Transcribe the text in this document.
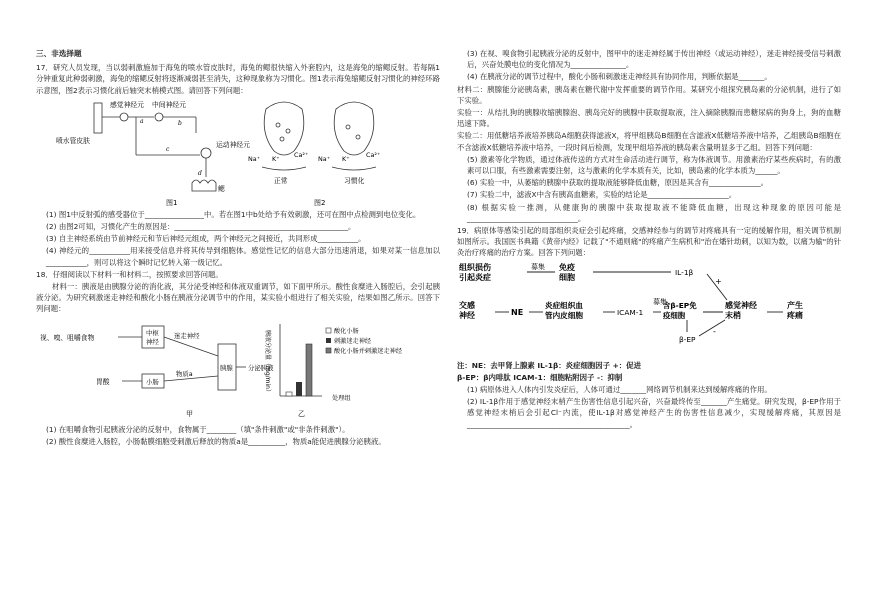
三、非选择题

17．研究人员发现，当以弱刺激施加于海兔的喷水管皮肤时，海兔的鳃很快缩入外套腔内，这是海兔的缩鳃反射。若每隔1分钟重复此种弱刺激，海兔的缩鳃反射将逐渐减弱甚至消失，这种现象称为习惯化。图1表示海兔缩鳃反射习惯化的神经环路示意图，图2表示习惯化前后轴突末梢模式图。请回答下列问题：

喷水管皮肤
感觉神经元 中间神经元
运动神经元
鳃
a	b
c
d
图1
Na⁺ K⁺ Ca²⁺ Na⁺ K⁺	Ca²⁺
正常	习惯化
图2

(1) 图1中反射弧的感受器位于________________中。若在图1中b处给予有效刺激，还可在图中点检测到电位变化。

(2) 由图2可知，习惯化产生的原因是：_______________________________________________。

(3) 自主神经系统由节前神经元和节后神经元组成，两个神经元之间接近，共同形成___________。

(4) 神经元的___________用来接受信息并将其传导到细胞体。感觉性记忆的信息大部分迅速消退，如果对某一信息加以___________，则可以将这个瞬时记忆转入第一级记忆。

18．仔细阅读以下材料一和材料二，按照要求回答问题。

材料一：胰液是由胰腺分泌的消化液，其分泌受神经和体液双重调节，如下面甲所示。酸性食糜进入肠腔后，会引起胰液分泌。为研究刺激迷走神经和酸化小肠在胰液分泌调节中的作用，某实验小组进行了相关实验，结果如图乙所示。回答下列问题：

视、嗅、咀嚼食物
中枢
神经
迷走神经
胃酸	小肠
物质a
胰腺 分泌胰液
甲
胰液分泌量（mg/min）	酸化小肠
刺激迷走神经
酸化小肠并刺激迷走神经
处理组
乙

(1) 在咀嚼食物引起胰液分泌的反射中，食物属于________（填"条件刺激"或"非条件刺激"）。

(2) 酸性食糜进入肠腔，小肠黏膜细胞受刺激后释放的物质a是__________，物质a能促进胰腺分泌胰液。

(3) 在视、嗅食物引起胰液分泌的反射中，图甲中的迷走神经属于传出神经（或运动神经），迷走神经接受信号刺激后，兴奋处膜电位的变化情况为_______________。

(4) 在胰液分泌的调节过程中，酸化小肠和刺激迷走神经具有协同作用，判断依据是_______。

材料二：胰腺能分泌胰岛素，胰岛素在糖代谢中发挥重要的调节作用。某研究小组探究胰岛素的分泌机制，进行了如下实验。

实验一：从结扎狗的胰腺收缩胰腺泡、胰岛完好的胰腺中获取提取液，注入摘除胰腺而患糖尿病的狗身上，狗的血糖迅速下降。

实验二：用低糖培养液培养胰岛A细胞获得滤液X，将甲组胰岛B细胞在含滤液X低糖培养液中培养，乙组胰岛B细胞在不含滤液X低糖培养液中培养，一段时间后检测，发现甲组培养液的胰岛素含量明显多于乙组。回答下列问题：

(5) 激素等化学物质，通过体液传送的方式对生命活动进行调节，称为体液调节。用激素治疗某些疾病时，有的激素可以口服，有些激素需要注射，这与激素的化学本质有关，比如，胰岛素的化学本质为______。

(6) 实验一中，从萎缩的胰腺中获取的提取液能够降低血糖，原因是其含有______________。

(7) 实验二中，滤液X中含有胰高血糖素，实验的结论是______________________。

(8) 根据实验一推测，从健康狗的胰腺中获取提取液不能降低血糖，出现这种现象的原因可能是______________________________。

19．病原体等感染引起的局部组织炎症会引起疼痛，交感神经参与的调节对疼痛具有一定的缓解作用，相关调节机制如图所示。我国医书典籍《黄帝内经》记载了"不通则痛"的疼痛产生病机和"治在燔针劫刺，以知为数，以痛为输"的针灸治疗疼痛的治疗方案。回答下列问题：

组织损伤
引起炎症
募集 免疫
细胞
IL-1β
+
交感
神经	NE
炎症组织血
管内皮细胞	ICAM-1
募集
含β-EP免
疫细胞
β-EP
-
感觉神经
末梢
产生
疼痛

注：NE：去甲肾上腺素 IL-1β：炎症细胞因子 +：促进

β-EP：β内啡肽 ICAM-1：细胞粘附因子 -：抑制

(1) 病原体进入人体内引发炎症后，人体可通过_______网络调节机制来达到缓解疼痛的作用。

(2) IL-1β作用于感觉神经末梢产生伤害性信息引起兴奋，兴奋最终传至_______产生痛觉。研究发现，β-EP作用于感觉神经末梢后会引起Cl⁻内流，使IL-1β对感觉神经产生的伤害性信息减少，实现缓解疼痛，其原因是____________________________________________。
